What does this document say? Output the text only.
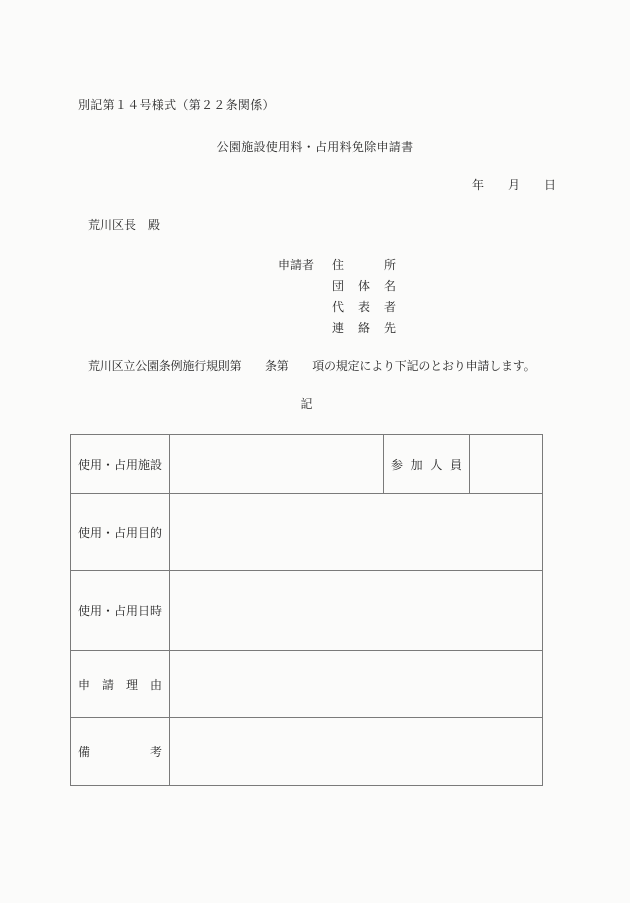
別記第１４号様式（第２２条関係）
公園施設使用料・占用料免除申請書
年 月 日
荒川区長　殿
申請者	住所
団体名
代表者
連絡先
荒川区立公園条例施行規則第　　条第　　項の規定により下記のとおり申請します。
記
使用・占用施設	参加人員
使用・占用目的
使用・占用日時
申請理由
備考
